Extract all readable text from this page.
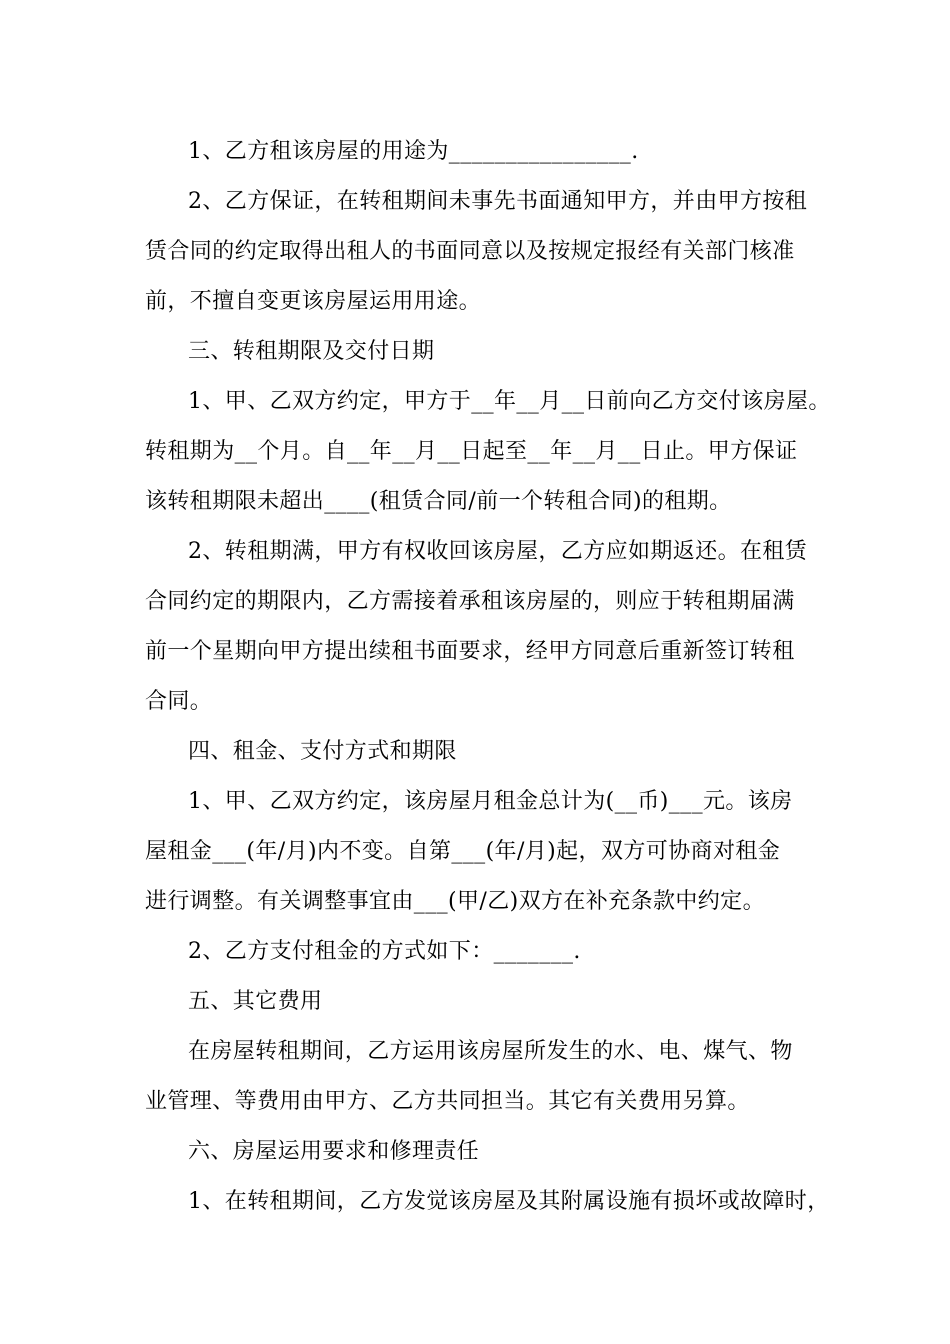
1、乙方租该房屋的用途为________________.

2、乙方保证，在转租期间未事先书面通知甲方，并由甲方按租

赁合同的约定取得出租人的书面同意以及按规定报经有关部门核准

前，不擅自变更该房屋运用用途。

三、转租期限及交付日期

1、甲、乙双方约定，甲方于__年__月__日前向乙方交付该房屋。

转租期为__个月。自__年__月__日起至__年__月__日止。甲方保证

该转租期限未超出____(租赁合同/前一个转租合同)的租期。

2、转租期满，甲方有权收回该房屋，乙方应如期返还。在租赁

合同约定的期限内，乙方需接着承租该房屋的，则应于转租期届满

前一个星期向甲方提出续租书面要求，经甲方同意后重新签订转租

合同。

四、租金、支付方式和期限

1、甲、乙双方约定，该房屋月租金总计为(__币)___元。该房

屋租金___(年/月)内不变。自第___(年/月)起，双方可协商对租金

进行调整。有关调整事宜由___(甲/乙)双方在补充条款中约定。

2、乙方支付租金的方式如下：_______.

五、其它费用

在房屋转租期间，乙方运用该房屋所发生的水、电、煤气、物

业管理、等费用由甲方、乙方共同担当。其它有关费用另算。

六、房屋运用要求和修理责任

1、在转租期间，乙方发觉该房屋及其附属设施有损坏或故障时，
